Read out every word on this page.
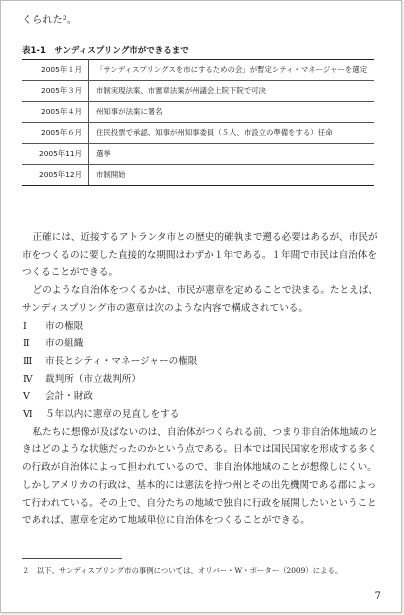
くられた²。
表1-1　サンディスプリング市ができるまで
2005年１月	「サンディスプリングスを市にするための会」が暫定シティ・マネージャーを選定
2005年３月	市制実現法案、市憲章法案が州議会上院下院で可決
2005年４月	州知事が法案に署名
2005年６月	住民投票で承認、知事が州知事委員（５人、市設立の準備をする）任命
2005年11月	選挙
2005年12月	市制開始

正確には、近接するアトランタ市との歴史的確執まで遡る必要はあるが、市民が市をつくるのに要した直接的な期間はわずか１年である。１年間で市民は自治体をつくることができる。

どのような自治体をつくるかは、市民が憲章を定めることで決まる。たとえば、サンディスプリング市の憲章は次のような内容で構成されている。

Ⅰ	市の権限
Ⅱ	市の組織
Ⅲ	市長とシティ・マネージャーの権限
Ⅳ	裁判所（市立裁判所）
Ⅴ	会計・財政
Ⅵ	５年以内に憲章の見直しをする

私たちに想像が及ばないのは、自治体がつくられる前、つまり非自治体地域のときはどのような状態だったのかという点である。日本では国民国家を形成する多くの行政が自治体によって担われているので、非自治体地域のことが想像しにくい。しかしアメリカの行政は、基本的には憲法を持つ州とその出先機関である郡によって行われている。その上で、自分たちの地域で独自に行政を展開したいということであれば、憲章を定めて地域単位に自治体をつくることができる。

２　以下、サンディスプリング市の事例については、オリバー・W・ポーター（2009）による。
7
